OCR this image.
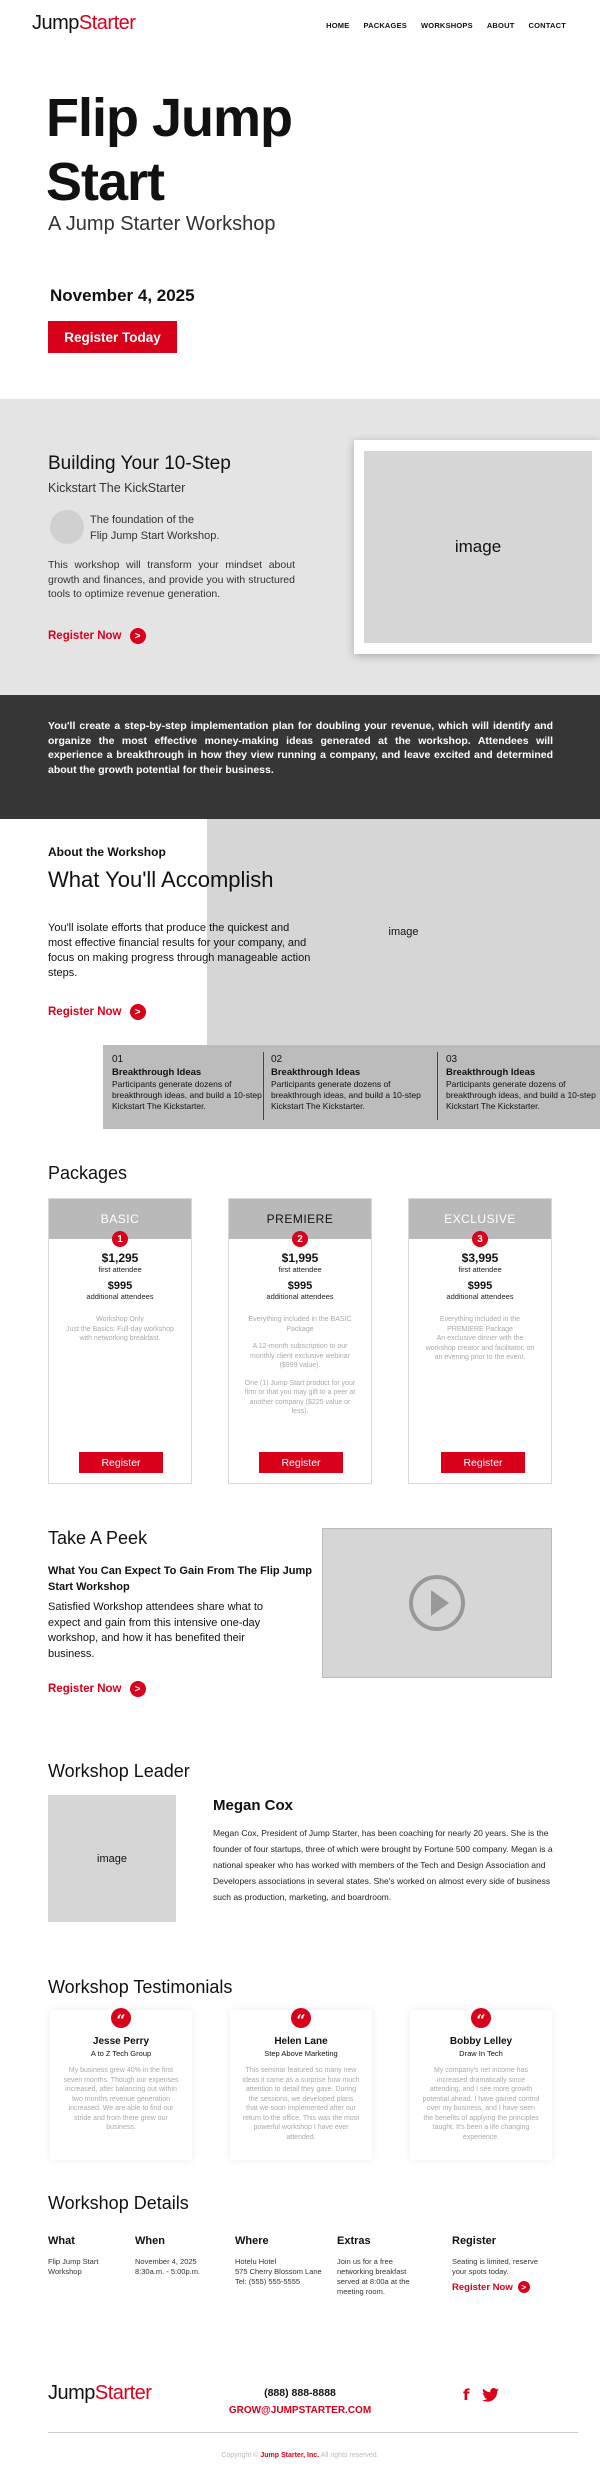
JumpStarter	HOME PACKAGES WORKSHOPS ABOUT CONTACT
Flip Jump
Start
A Jump Starter Workshop
November 4, 2025
Register Today
Building Your 10-Step
Kickstart The KickStarter
The foundation of the
Flip Jump Start Workshop.
This workshop will transform your mindset about growth and finances, and provide you with structured tools to optimize revenue generation.
Register Now	>
image
You'll create a step-by-step implementation plan for doubling your revenue, which will identify and organize the most effective money-making ideas generated at the workshop. Attendees will experience a breakthrough in how they view running a company, and leave excited and determined about the growth potential for their business.
image
About the Workshop
What You'll Accomplish
You'll isolate efforts that produce the quickest and most effective financial results for your company, and focus on making progress through manageable action steps.
Register Now	>
01
Breakthrough Ideas
Participants generate dozens of breakthrough ideas, and build a 10-step Kickstart The Kickstarter.
02
Breakthrough Ideas
Participants generate dozens of breakthrough ideas, and build a 10-step Kickstart The Kickstarter.
03
Breakthrough Ideas
Participants generate dozens of breakthrough ideas, and build a 10-step Kickstart The Kickstarter.
Packages
BASIC
1
$1,295
first attendee
$995
additional attendees
Workshop Only
Just the Basics: Full-day workshop with networking breakfast.
Register
PREMIERE
2
$1,995
first attendee
$995
additional attendees
Everything included in the BASIC Package
A 12-month subscription to our monthly client exclusive webinar ($999 value).
One (1) Jump Start product for your firm or that you may gift to a peer at another company ($225 value or less).
Register
EXCLUSIVE
3
$3,995
first attendee
$995
additional attendees
Everything included in the PREMIERE Package
An exclusive dinner with the workshop creator and facilitator, on an evening prior to the event.
Register
Take A Peek
What You Can Expect To Gain From The Flip Jump Start Workshop
Satisfied Workshop attendees share what to expect and gain from this intensive one-day workshop, and how it has benefited their business.
Register Now	>
Workshop Leader
image
Megan Cox
Megan Cox, President of Jump Starter, has been coaching for nearly 20 years. She is the founder of four startups, three of which were brought by Fortune 500 company. Megan is a national speaker who has worked with members of the Tech and Design Association and Developers associations in several states. She's worked on almost every side of business such as production, marketing, and boardroom.
Workshop Testimonials
“
Jesse Perry
A to Z Tech Group
My business grew 40% in the first seven months. Though our expenses increased, after balancing out within two months revenue generation increased. We are able to find our stride and from there grew our business.
“
Helen Lane
Step Above Marketing
This seminar featured so many new ideas it came as a surprise how much attention to detail they gave. During the sessions, we developed plans that we soon implemented after our return to the office. This was the most powerful workshop I have ever attended.
“
Bobby Lelley
Draw In Tech
My company's net income has increased dramatically since attending, and I see more growth potential ahead. I have gained control over my business, and I have seen the benefits of applying the principles taught. It's been a life changing experience.
Workshop Details
What
Flip Jump Start Workshop
When
November 4, 2025
8:30a.m. - 5:00p.m.
Where
Hotelu Hotel
575 Cherry Blossom Lane
Tel: (555) 555-5555
Extras
Join us for a free networking breakfast served at 8:00a at the meeting room.
Register
Seating is limited, reserve your spots today.
Register Now	>
JumpStarter	(888) 888-8888
GROW@JUMPSTARTER.COM
f
Copyright © Jump Starter, Inc. All rights reserved.
